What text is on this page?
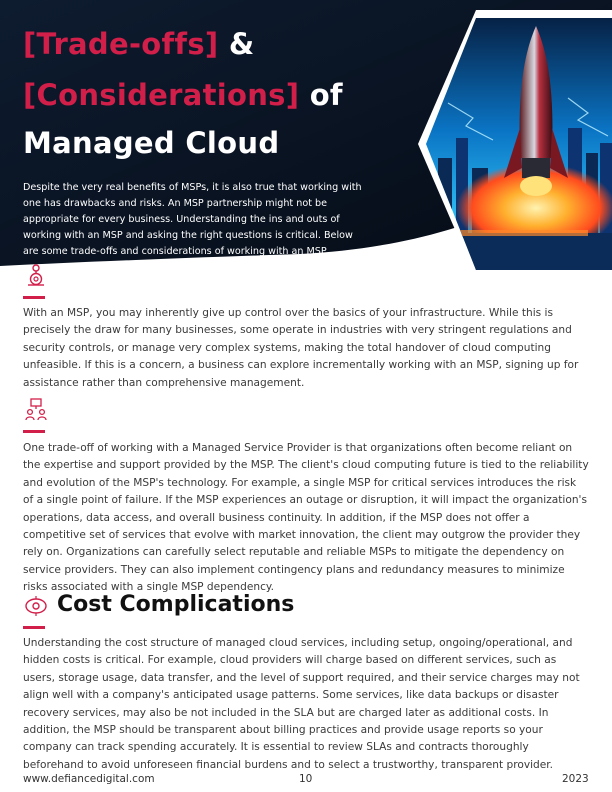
[Trade-offs] &
[Considerations] of
Managed Cloud
Despite the very real benefits of MSPs, it is also true that working with one has drawbacks and risks. An MSP partnership might not be appropriate for every business. Understanding the ins and outs of working with an MSP and asking the right questions is critical. Below are some trade-offs and considerations of working with an MSP.
With an MSP, you may inherently give up control over the basics of your infrastructure. While this is precisely the draw for many businesses, some operate in industries with very stringent regulations and security controls, or manage very complex systems, making the total handover of cloud computing unfeasible. If this is a concern, a business can explore incrementally working with an MSP, signing up for assistance rather than comprehensive management.
One trade-off of working with a Managed Service Provider is that organizations often become reliant on the expertise and support provided by the MSP. The client's cloud computing future is tied to the reliability and evolution of the MSP's technology. For example, a single MSP for critical services introduces the risk of a single point of failure. If the MSP experiences an outage or disruption, it will impact the organization's operations, data access, and overall business continuity. In addition, if the MSP does not offer a competitive set of services that evolve with market innovation, the client may outgrow the provider they rely on. Organizations can carefully select reputable and reliable MSPs to mitigate the dependency on service providers. They can also implement contingency plans and redundancy measures to minimize risks associated with a single MSP dependency.
Cost Complications
Understanding the cost structure of managed cloud services, including setup, ongoing/operational, and hidden costs is critical. For example, cloud providers will charge based on different services, such as users, storage usage, data transfer, and the level of support required, and their service charges may not align well with a company's anticipated usage patterns. Some services, like data backups or disaster recovery services, may also be not included in the SLA but are charged later as additional costs. In addition, the MSP should be transparent about billing practices and provide usage reports so your company can track spending accurately. It is essential to review SLAs and contracts thoroughly beforehand to avoid unforeseen financial burdens and to select a trustworthy, transparent provider.
www.defiancedigital.com	10	2023
